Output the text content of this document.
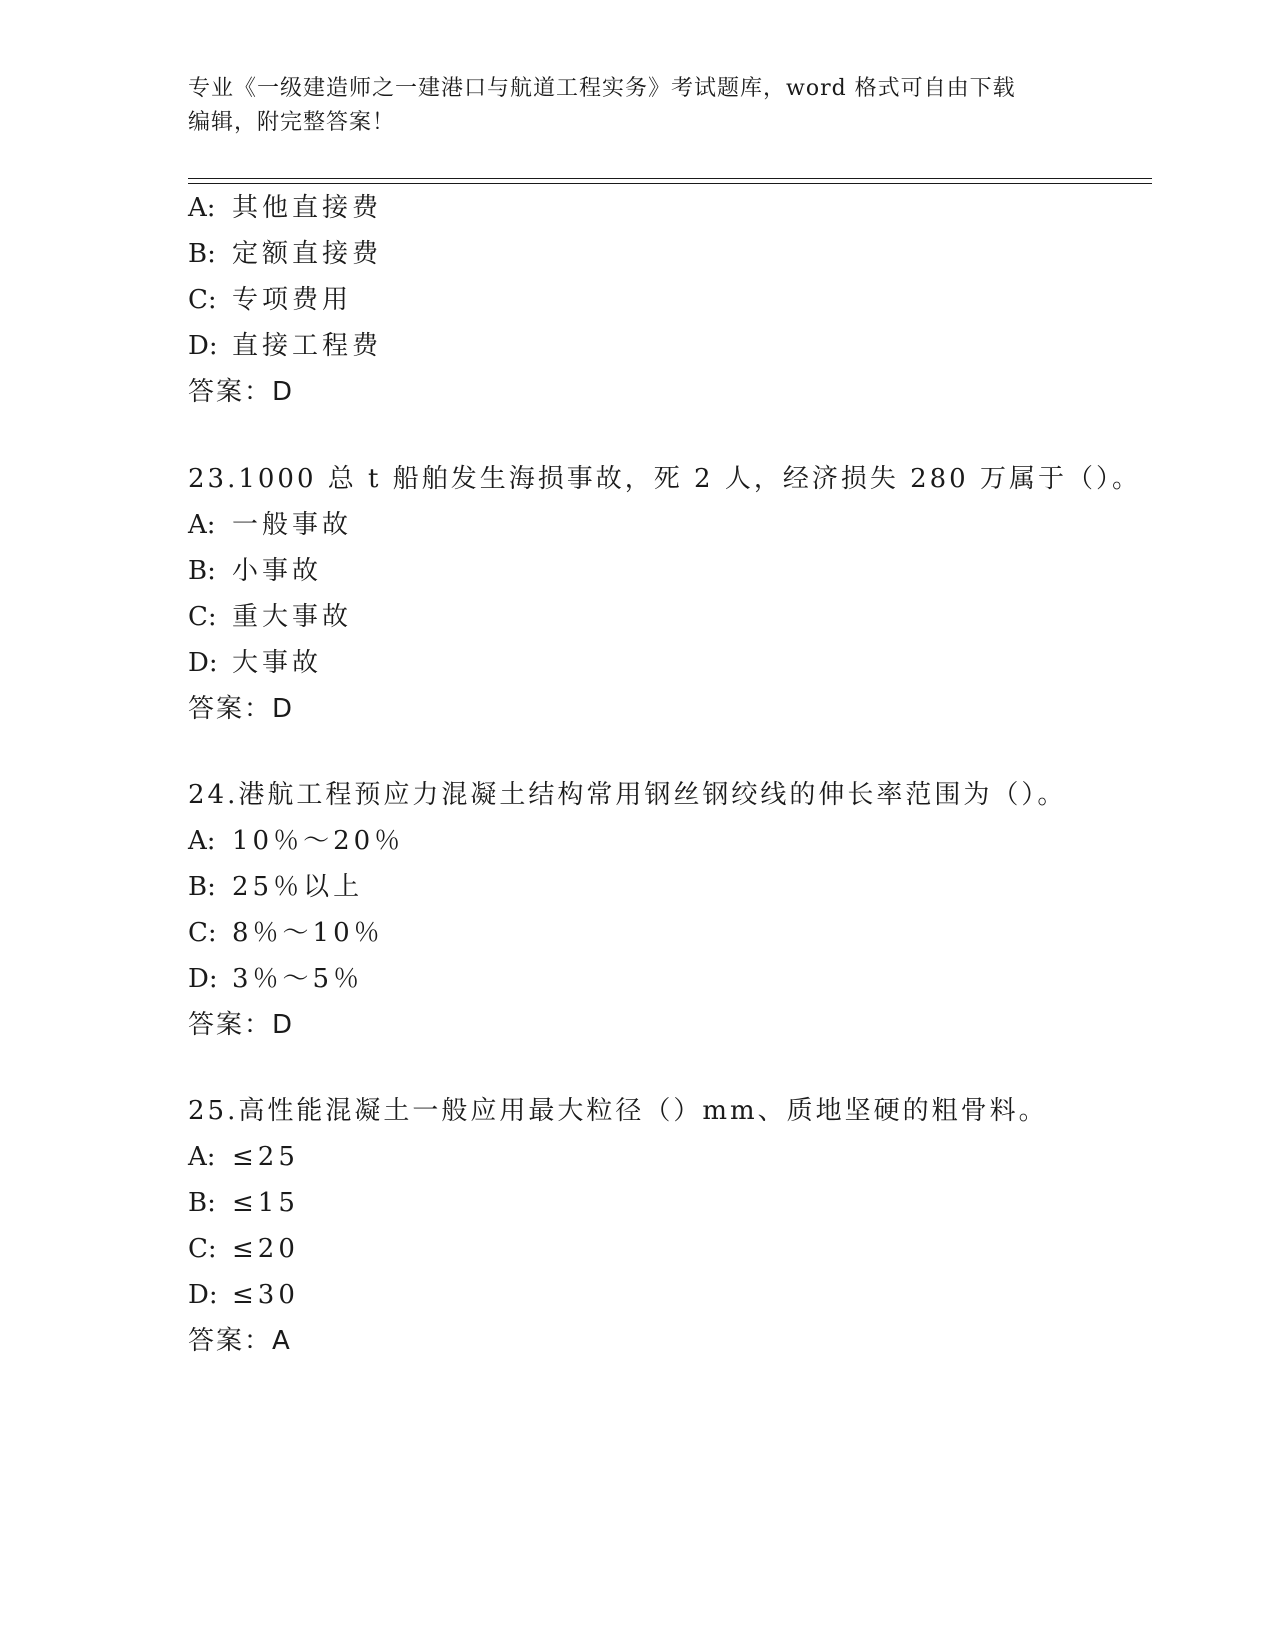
专业《一级建造师之一建港口与航道工程实务》考试题库，word 格式可自由下载
编辑，附完整答案！
A: 其他直接费
B: 定额直接费
C: 专项费用
D: 直接工程费
答案：D
23.1000 总 t 船舶发生海损事故，死 2 人，经济损失 280 万属于（）。
A: 一般事故
B: 小事故
C: 重大事故
D: 大事故
答案：D
24.港航工程预应力混凝土结构常用钢丝钢绞线的伸长率范围为（）。
A: 10％～20％
B: 25％以上
C: 8％～10％
D: 3％～5％
答案：D
25.高性能混凝土一般应用最大粒径（）mm、质地坚硬的粗骨料。
A: ≤25
B: ≤15
C: ≤20
D: ≤30
答案：A
